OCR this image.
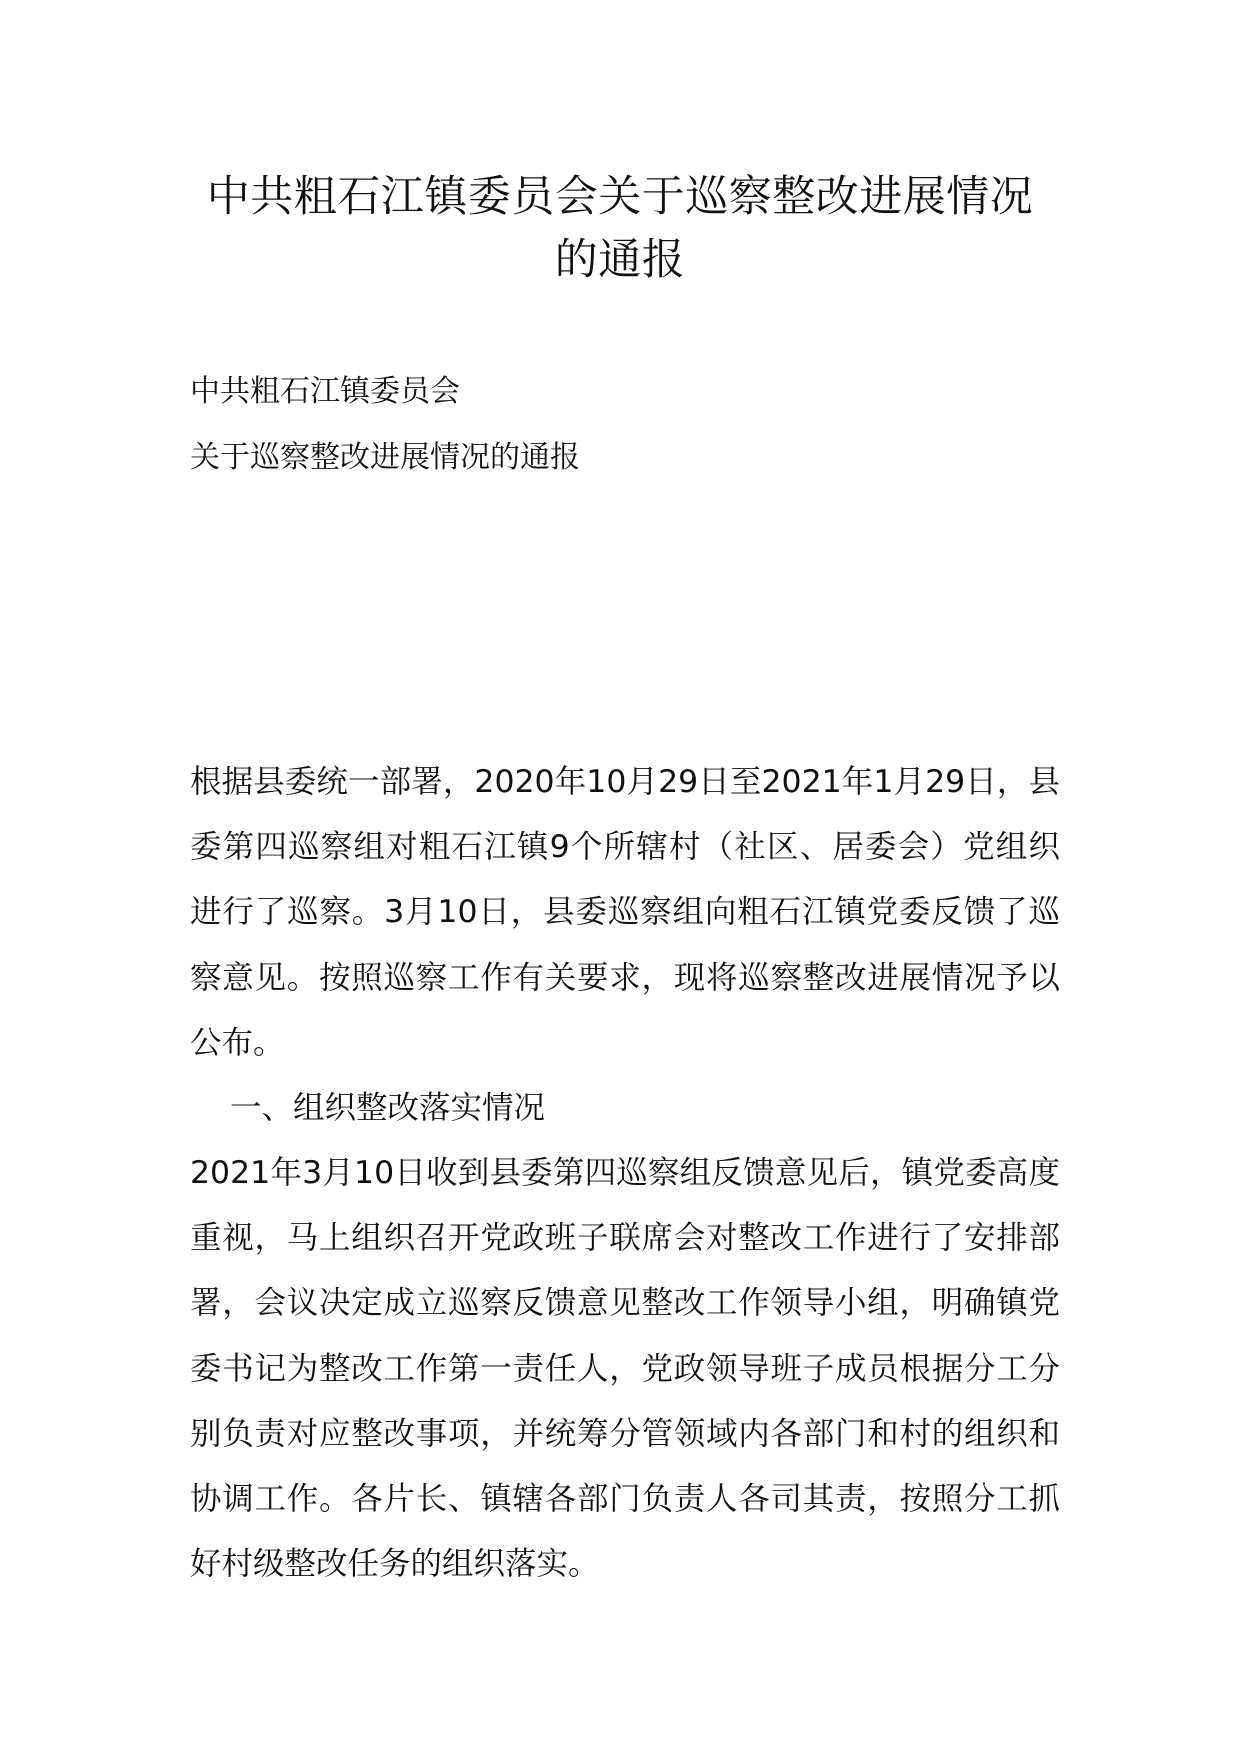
中共粗石江镇委员会关于巡察整改进展情况的通报

中共粗石江镇委员会

关于巡察整改进展情况的通报

根据县委统一部署，2020年10月29日至2021年1月29日，县委第四巡察组对粗石江镇9个所辖村（社区、居委会）党组织进行了巡察。3月10日，县委巡察组向粗石江镇党委反馈了巡察意见。按照巡察工作有关要求，现将巡察整改进展情况予以公布。

一、组织整改落实情况

2021年3月10日收到县委第四巡察组反馈意见后，镇党委高度重视，马上组织召开党政班子联席会对整改工作进行了安排部署，会议决定成立巡察反馈意见整改工作领导小组，明确镇党委书记为整改工作第一责任人，党政领导班子成员根据分工分别负责对应整改事项，并统筹分管领域内各部门和村的组织和协调工作。各片长、镇辖各部门负责人各司其责，按照分工抓好村级整改任务的组织落实。
